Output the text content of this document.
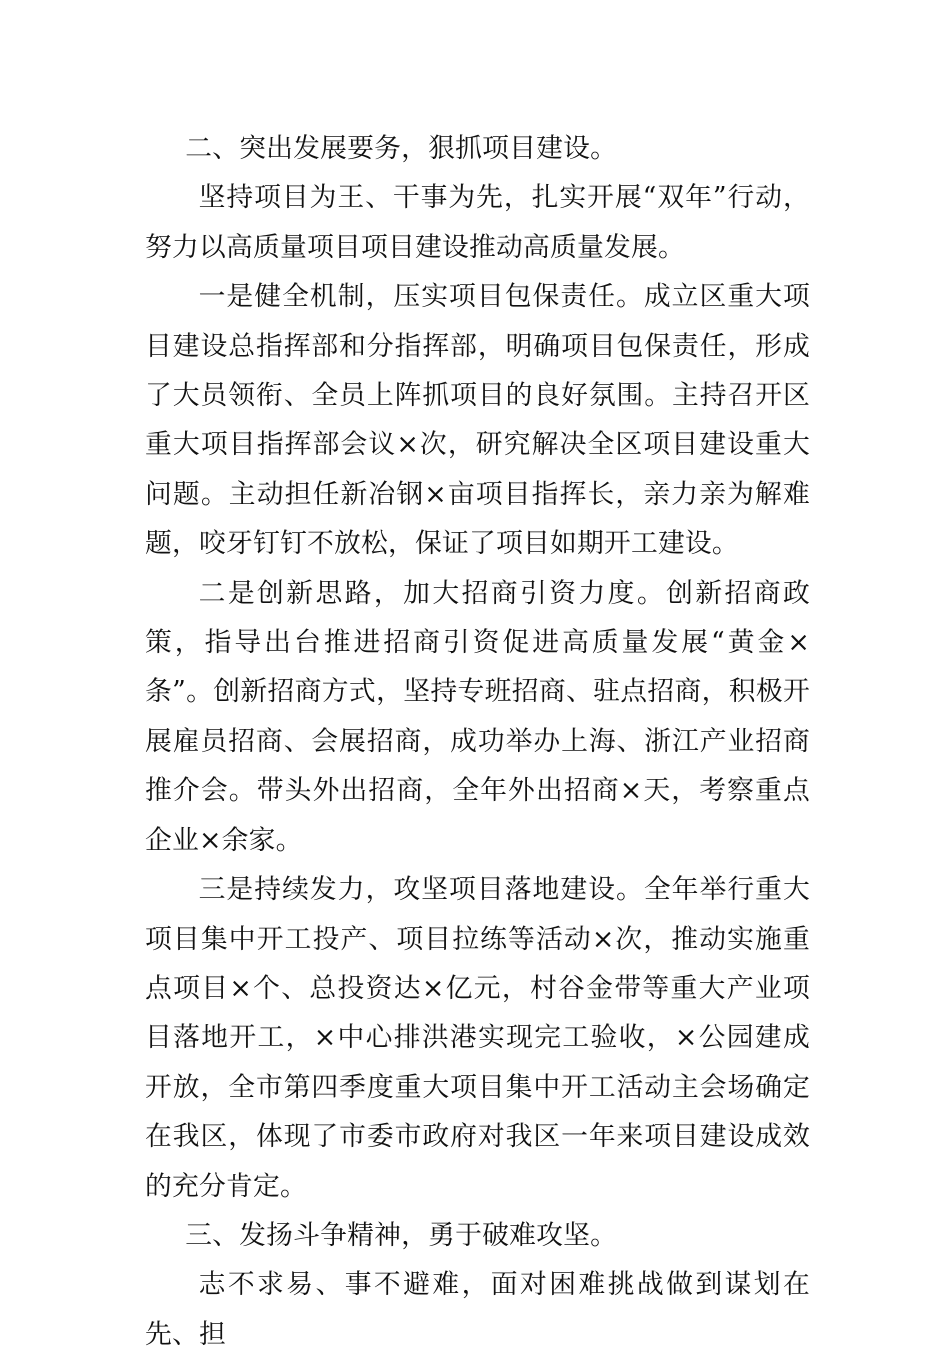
二、突出发展要务，狠抓项目建设。

坚持项目为王、干事为先，扎实开展“双年”行动，努力以高质量项目项目建设推动高质量发展。

一是健全机制，压实项目包保责任。成立区重大项目建设总指挥部和分指挥部，明确项目包保责任，形成了大员领衔、全员上阵抓项目的良好氛围。主持召开区重大项目指挥部会议×次，研究解决全区项目建设重大问题。主动担任新冶钢×亩项目指挥长，亲力亲为解难题，咬牙钉钉不放松，保证了项目如期开工建设。

二是创新思路，加大招商引资力度。创新招商政策，指导出台推进招商引资促进高质量发展“黄金×条”。创新招商方式，坚持专班招商、驻点招商，积极开展雇员招商、会展招商，成功举办上海、浙江产业招商推介会。带头外出招商，全年外出招商×天，考察重点企业×余家。

三是持续发力，攻坚项目落地建设。全年举行重大项目集中开工投产、项目拉练等活动×次，推动实施重点项目×个、总投资达×亿元，村谷金带等重大产业项目落地开工，×中心排洪港实现完工验收，×公园建成开放，全市第四季度重大项目集中开工活动主会场确定在我区，体现了市委市政府对我区一年来项目建设成效的充分肯定。

三、发扬斗争精神，勇于破难攻坚。

志不求易、事不避难，面对困难挑战做到谋划在先、担
